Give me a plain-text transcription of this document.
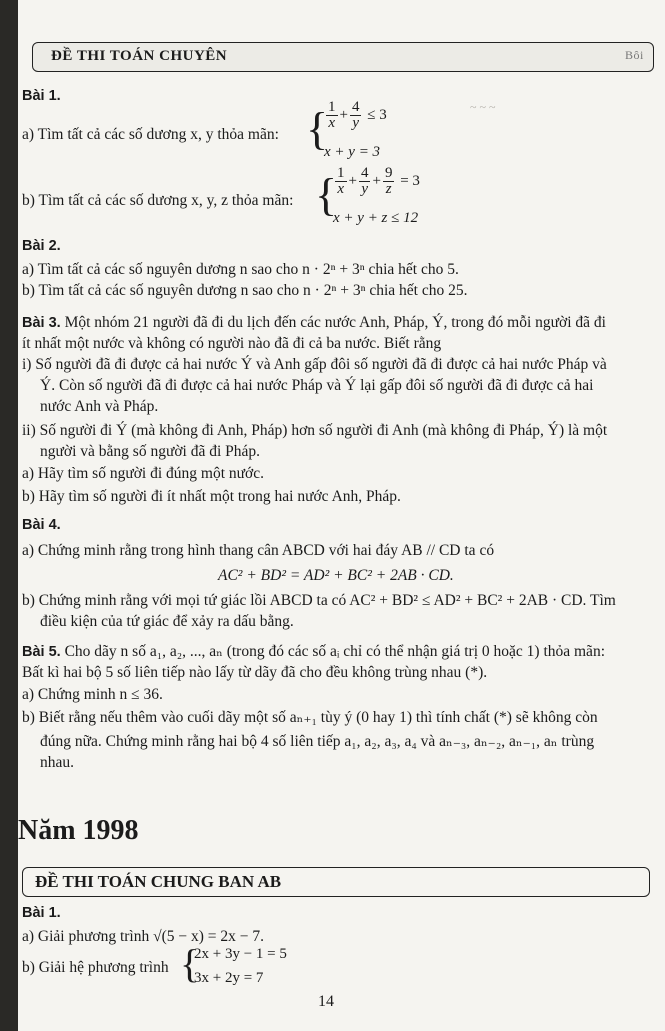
~ ~ ~
ĐỀ THI TOÁN CHUYÊN	Bôi
Bài 1.
a) Tìm tất cả các số dương x, y thỏa mãn: {
$\frac{1}{x} + \frac{4}{y} \le 3$
x + y = 3
b) Tìm tất cả các số dương x, y, z thỏa mãn: {
$\frac{1}{x} + \frac{4}{y} + \frac{9}{z} = 3$
x + y + z ≤ 12
Bài 2.
a) Tìm tất cả các số nguyên dương n sao cho n · 2ⁿ + 3ⁿ chia hết cho 5.
b) Tìm tất cả các số nguyên dương n sao cho n · 2ⁿ + 3ⁿ chia hết cho 25.
Bài 3. Một nhóm 21 người đã đi du lịch đến các nước Anh, Pháp, Ý, trong đó mỗi người đã đi
ít nhất một nước và không có người nào đã đi cả ba nước. Biết rằng
i) Số người đã đi được cả hai nước Ý và Anh gấp đôi số người đã đi được cả hai nước Pháp và
Ý. Còn số người đã đi được cả hai nước Pháp và Ý lại gấp đôi số người đã đi được cả hai
nước Anh và Pháp.
ii) Số người đi Ý (mà không đi Anh, Pháp) hơn số người đi Anh (mà không đi Pháp, Ý) là một
người và bằng số người đã đi Pháp.
a) Hãy tìm số người đi đúng một nước.
b) Hãy tìm số người đi ít nhất một trong hai nước Anh, Pháp.
Bài 4.
a) Chứng minh rằng trong hình thang cân ABCD với hai đáy AB // CD ta có
AC² + BD² = AD² + BC² + 2AB · CD.
b) Chứng minh rằng với mọi tứ giác lồi ABCD ta có AC² + BD² ≤ AD² + BC² + 2AB · CD. Tìm
điều kiện của tứ giác để xảy ra dấu bằng.
Bài 5. Cho dãy n số a₁, a₂, ..., aₙ (trong đó các số aᵢ chỉ có thể nhận giá trị 0 hoặc 1) thỏa mãn:
Bất kì hai bộ 5 số liên tiếp nào lấy từ dãy đã cho đều không trùng nhau (*).
a) Chứng minh n ≤ 36.
b) Biết rằng nếu thêm vào cuối dãy một số aₙ₊₁ tùy ý (0 hay 1) thì tính chất (*) sẽ không còn
đúng nữa. Chứng minh rằng hai bộ 4 số liên tiếp a₁, a₂, a₃, a₄ và aₙ₋₃, aₙ₋₂, aₙ₋₁, aₙ trùng
nhau.
Năm 1998
ĐỀ THI TOÁN CHUNG BAN AB
Bài 1.
a) Giải phương trình √(5 − x) = 2x − 7.
b) Giải hệ phương trình {
2x + 3y − 1 = 5
3x + 2y = 7
14
